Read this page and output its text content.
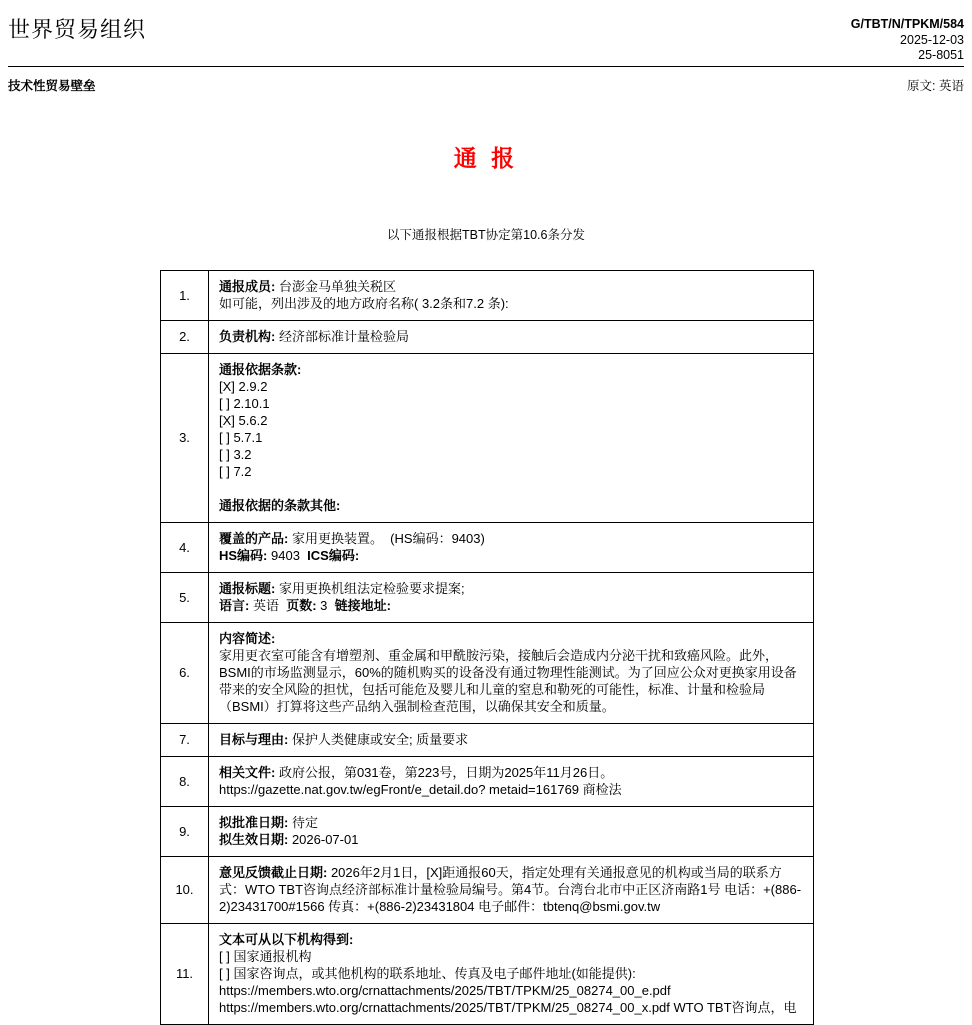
世界贸易组织	G/TBT/N/TPKM/584
2025-12-03
25-8051
技术性贸易壁垒	原文: 英语
通 报
以下通报根据TBT协定第10.6条分发
1.	通报成员: 台澎金马单独关税区
如可能，列出涉及的地方政府名称( 3.2条和7.2 条):

2.	负责机构: 经济部标准计量检验局

3.	
通报依据条款:
[X] 2.9.2
[ ] 2.10.1
[X] 5.6.2
[ ] 5.7.1
[ ] 3.2
[ ] 7.2

通报依据的条款其他:

4.	覆盖的产品: 家用更换装置。  (HS编码：9403)
HS编码: 9403  ICS编码:

5.	通报标题: 家用更换机组法定检验要求提案;
语言: 英语  页数: 3  链接地址:

6.	内容简述:
家用更衣室可能含有增塑剂、重金属和甲酰胺污染，接触后会造成内分泌干扰和致癌风险。此外，BSMI的市场监测显示，60%的随机购买的设备没有通过物理性能测试。为了回应公众对更换家用设备带来的安全风险的担忧，包括可能危及婴儿和儿童的窒息和勒死的可能性，标准、计量和检验局（BSMI）打算将这些产品纳入强制检查范围，以确保其安全和质量。

7.	目标与理由: 保护人类健康或安全; 质量要求

8.	相关文件: 政府公报，第031卷，第223号，日期为2025年11月26日。
https://gazette.nat.gov.tw/egFront/e_detail.do? metaid=161769 商检法

9.	拟批准日期: 待定
拟生效日期: 2026-07-01

10.	意见反馈截止日期: 2026年2月1日，[X]距通报60天，指定处理有关通报意见的机构或当局的联系方式：WTO TBT咨询点经济部标准计量检验局编号。第4节。台湾台北市中正区济南路1号 电话：+(886-2)23431700#1566 传真：+(886-2)23431804 电子邮件：tbtenq@bsmi.gov.tw

11.	文本可从以下机构得到:
[ ] 国家通报机构
[ ] 国家咨询点，或其他机构的联系地址、传真及电子邮件地址(如能提供):
https://members.wto.org/crnattachments/2025/TBT/TPKM/25_08274_00_e.pdf
https://members.wto.org/crnattachments/2025/TBT/TPKM/25_08274_00_x.pdf WTO TBT咨询点，电
